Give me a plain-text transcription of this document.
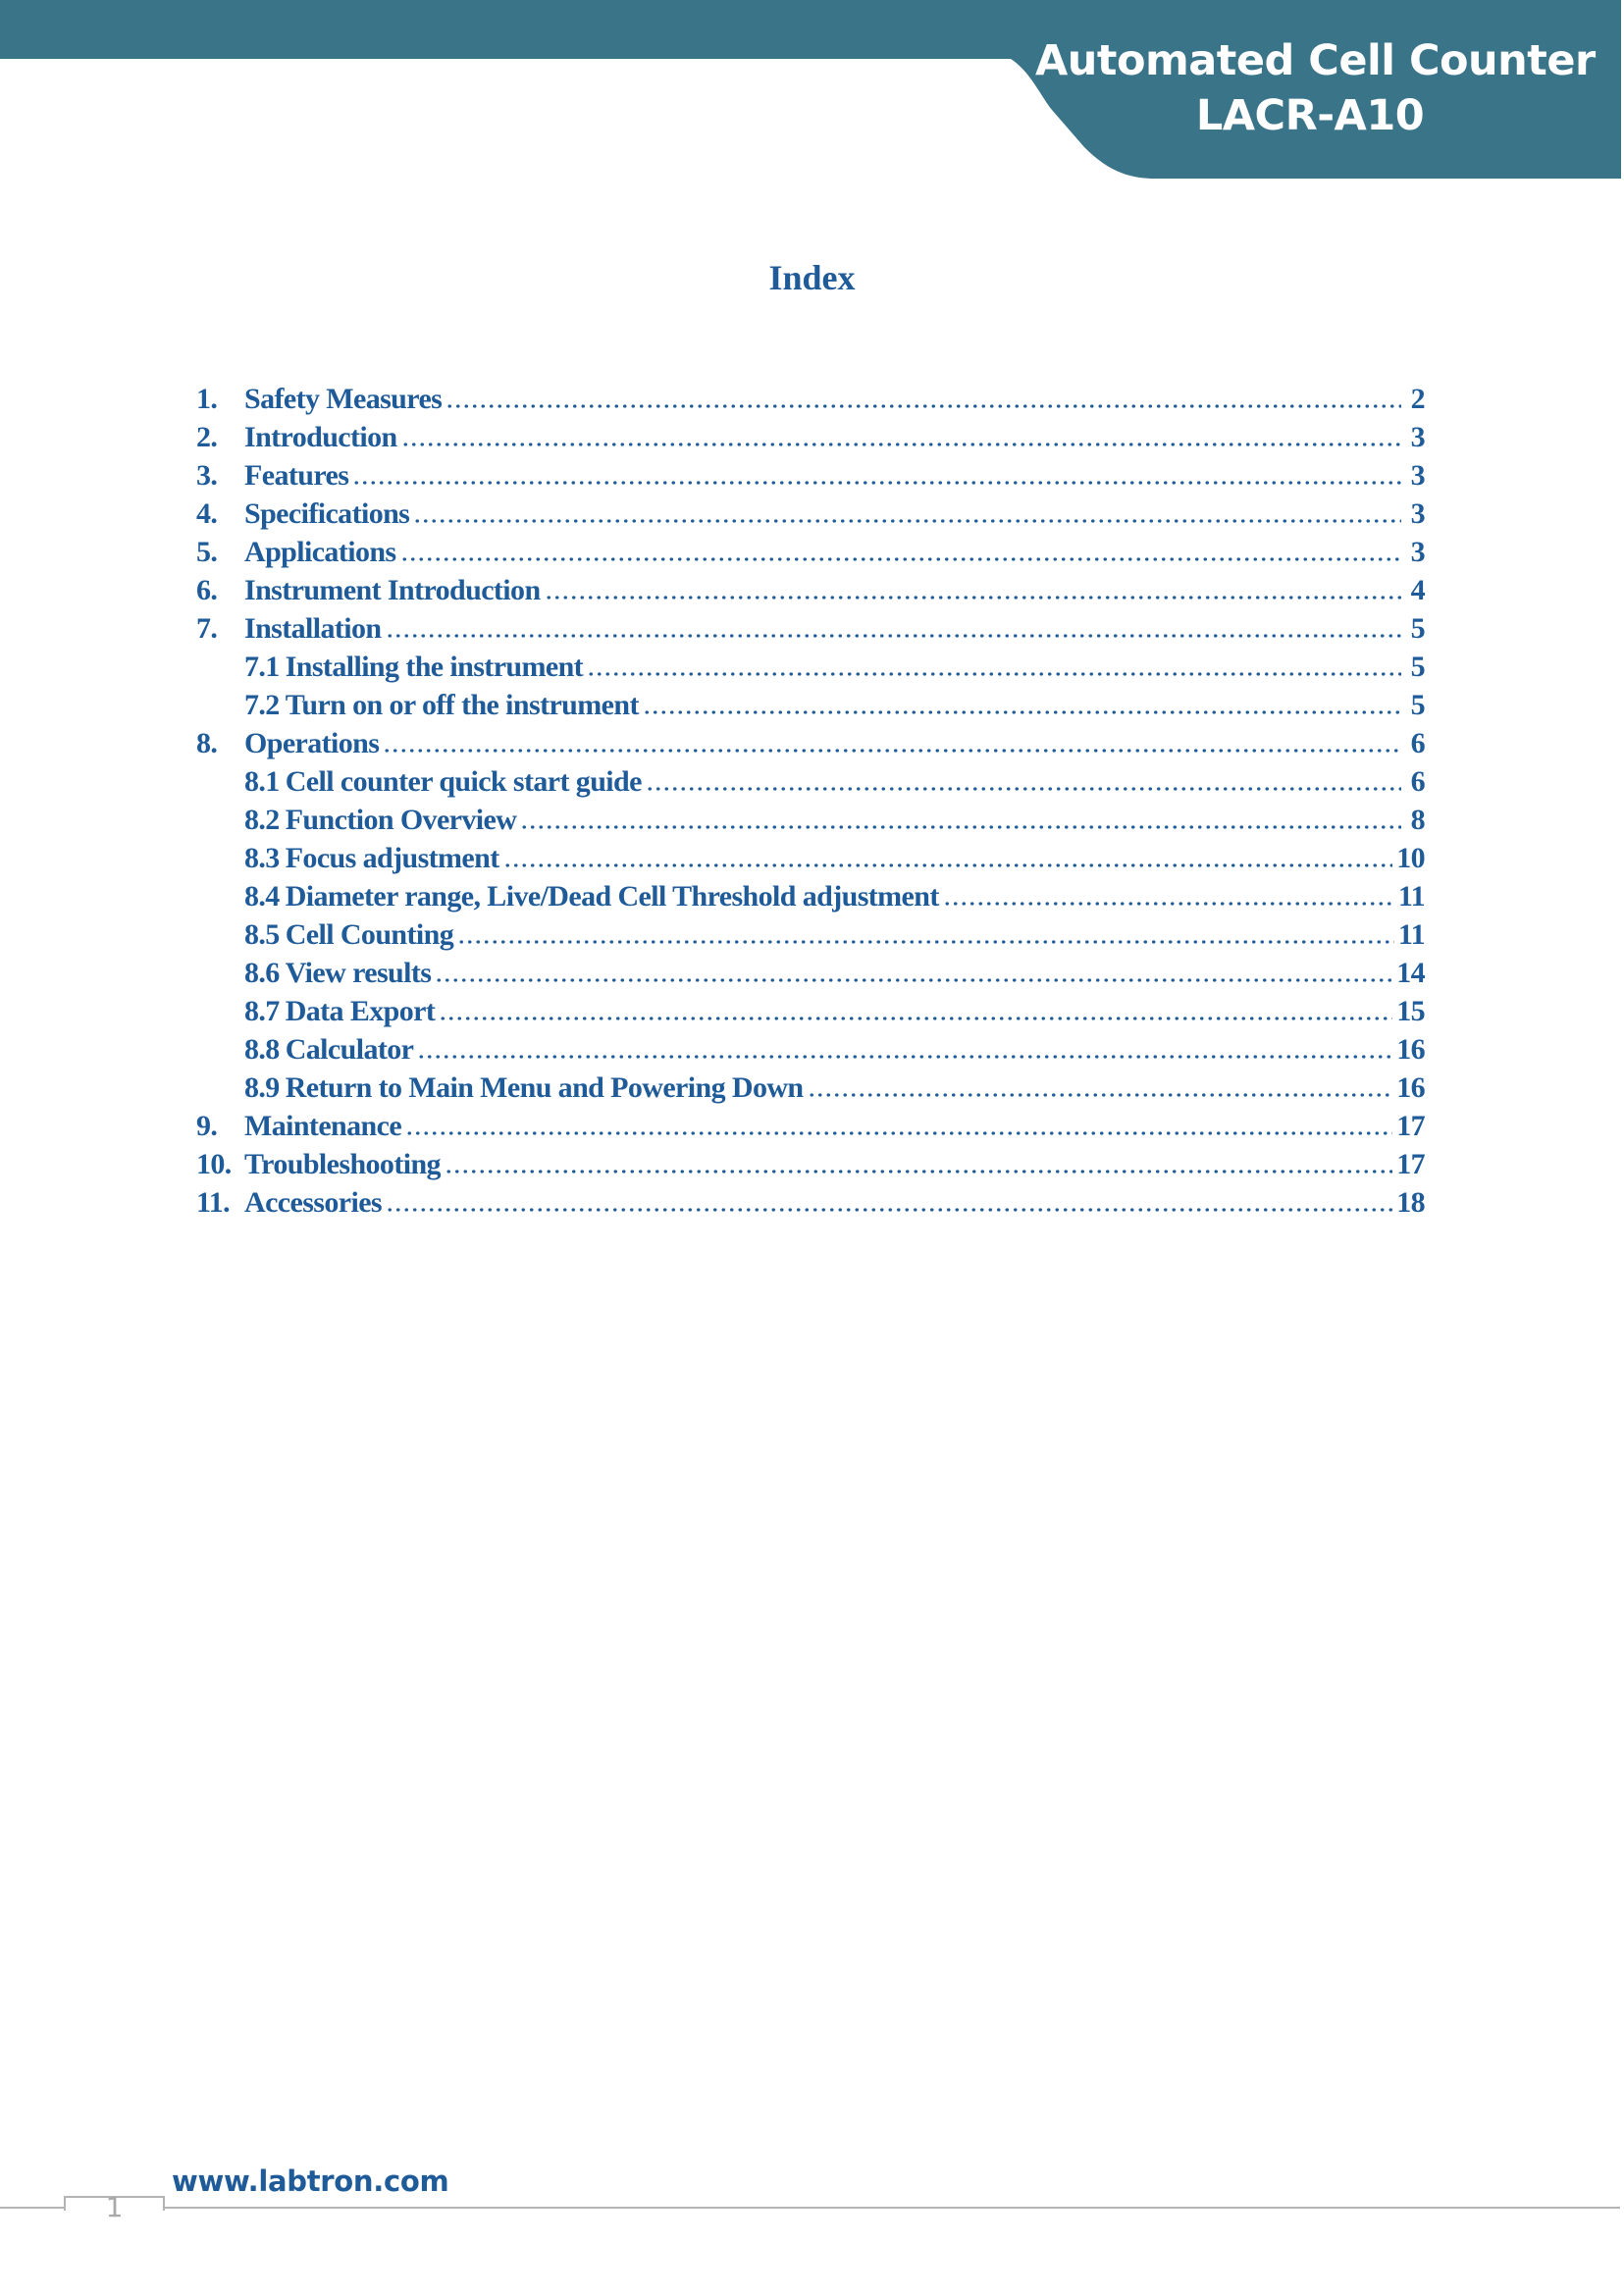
Automated Cell Counter
LACR-A10
Index
1. Safety Measures	2
2. Introduction	3
3. Features	3
4. Specifications	3
5. Applications	3
6. Instrument Introduction	4
7. Installation	5
7.1 Installing the instrument	5
7.2 Turn on or off the instrument	5
8. Operations	6
8.1 Cell counter quick start guide	6
8.2 Function Overview	8
8.3 Focus adjustment	10
8.4 Diameter range, Live/Dead Cell Threshold adjustment	11
8.5 Cell Counting	11
8.6 View results	14
8.7 Data Export	15
8.8 Calculator	16
8.9 Return to Main Menu and Powering Down	16
9. Maintenance	17
10. Troubleshooting	17
11. Accessories	18
1
www.labtron.com
